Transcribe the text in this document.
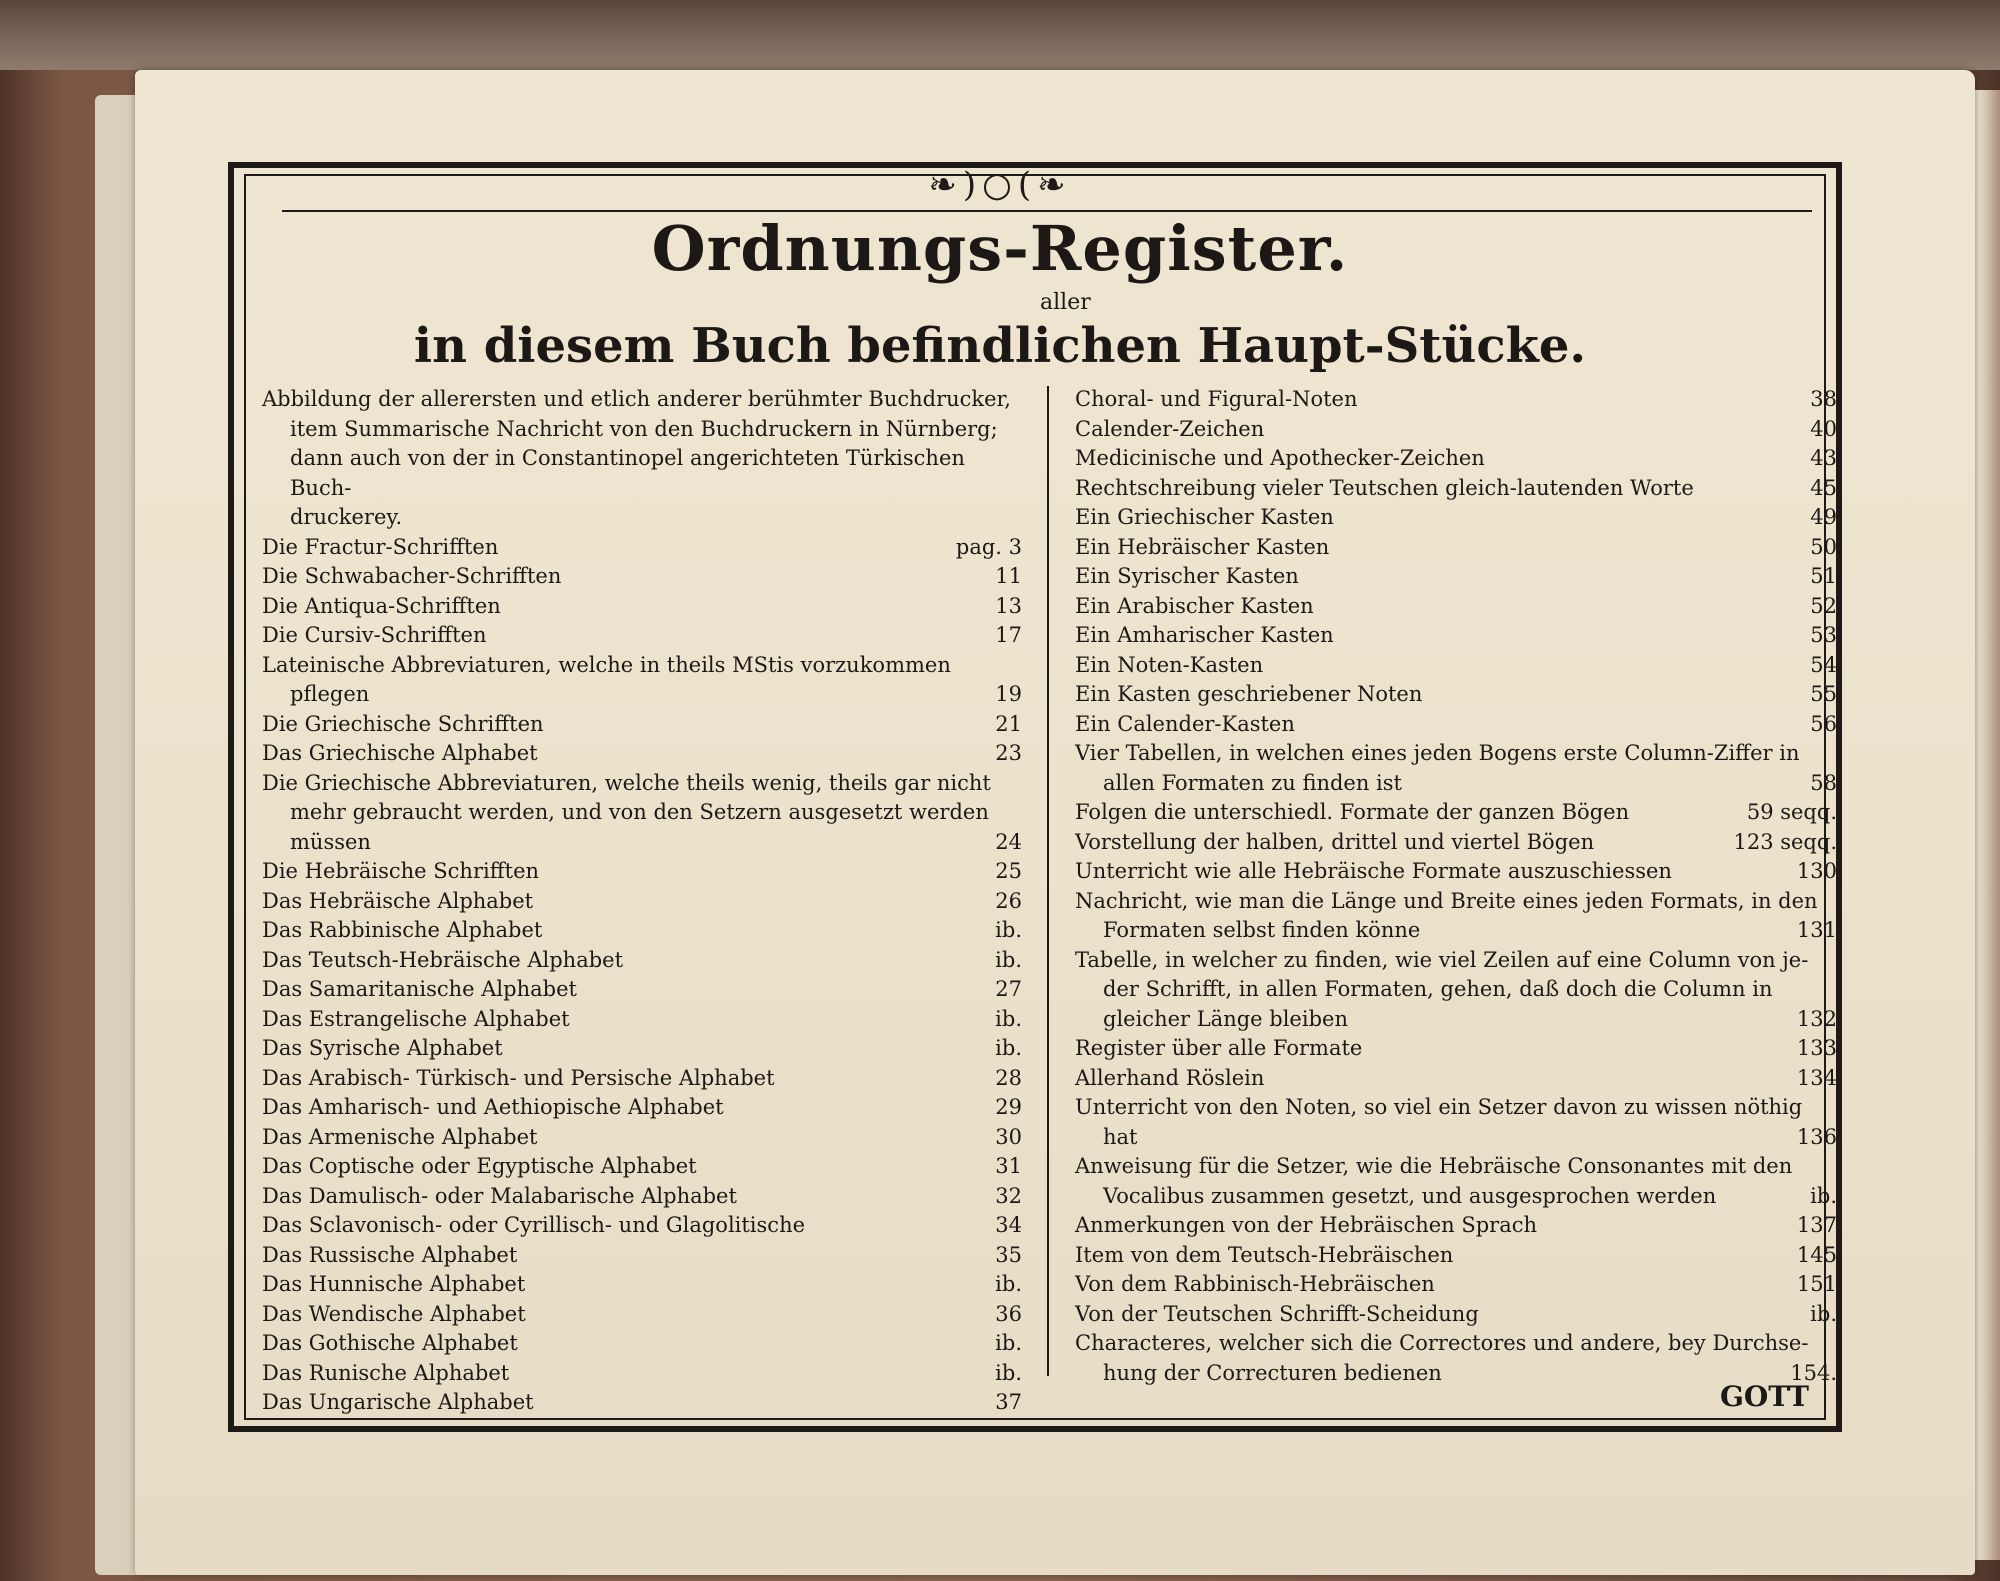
❧)○(❧
Ordnungs-Register.
aller
in diesem Buch befindlichen Haupt-Stücke.
Abbildung der allerersten und etlich anderer berühmter Buchdrucker,
item Summarische Nachricht von den Buchdruckern in Nürnberg;
dann auch von der in Constantinopel angerichteten Türkischen Buch-
druckerey.
Die Fractur-Schrifften	pag. 3
Die Schwabacher-Schrifften	11
Die Antiqua-Schrifften	13
Die Cursiv-Schrifften	17
Lateinische Abbreviaturen, welche in theils MStis vorzukommen
pflegen	19
Die Griechische Schrifften	21
Das Griechische Alphabet	23
Die Griechische Abbreviaturen, welche theils wenig, theils gar nicht
mehr gebraucht werden, und von den Setzern ausgesetzt werden
müssen	24
Die Hebräische Schrifften	25
Das Hebräische Alphabet	26
Das Rabbinische Alphabet	ib.
Das Teutsch-Hebräische Alphabet	ib.
Das Samaritanische Alphabet	27
Das Estrangelische Alphabet	ib.
Das Syrische Alphabet	ib.
Das Arabisch- Türkisch- und Persische Alphabet	28
Das Amharisch- und Aethiopische Alphabet	29
Das Armenische Alphabet	30
Das Coptische oder Egyptische Alphabet	31
Das Damulisch- oder Malabarische Alphabet	32
Das Sclavonisch- oder Cyrillisch- und Glagolitische	34
Das Russische Alphabet	35
Das Hunnische Alphabet	ib.
Das Wendische Alphabet	36
Das Gothische Alphabet	ib.
Das Runische Alphabet	ib.
Das Ungarische Alphabet	37
Choral- und Figural-Noten	38
Calender-Zeichen	40
Medicinische und Apothecker-Zeichen	43
Rechtschreibung vieler Teutschen gleich-lautenden Worte	45
Ein Griechischer Kasten	49
Ein Hebräischer Kasten	50
Ein Syrischer Kasten	51
Ein Arabischer Kasten	52
Ein Amharischer Kasten	53
Ein Noten-Kasten	54
Ein Kasten geschriebener Noten	55
Ein Calender-Kasten	56
Vier Tabellen, in welchen eines jeden Bogens erste Column-Ziffer in
allen Formaten zu finden ist	58
Folgen die unterschiedl. Formate der ganzen Bögen	59 seqq.
Vorstellung der halben, drittel und viertel Bögen	123 seqq.
Unterricht wie alle Hebräische Formate auszuschiessen	130
Nachricht, wie man die Länge und Breite eines jeden Formats, in den
Formaten selbst finden könne	131
Tabelle, in welcher zu finden, wie viel Zeilen auf eine Column von je-
der Schrifft, in allen Formaten, gehen, daß doch die Column in
gleicher Länge bleiben	132
Register über alle Formate	133
Allerhand Röslein	134
Unterricht von den Noten, so viel ein Setzer davon zu wissen nöthig
hat	136
Anweisung für die Setzer, wie die Hebräische Consonantes mit den
Vocalibus zusammen gesetzt, und ausgesprochen werden	ib.
Anmerkungen von der Hebräischen Sprach	137
Item von dem Teutsch-Hebräischen	145
Von dem Rabbinisch-Hebräischen	151
Von der Teutschen Schrifft-Scheidung	ib.
Characteres, welcher sich die Correctores und andere, bey Durchse-
hung der Correcturen bedienen	154.
GOTT
